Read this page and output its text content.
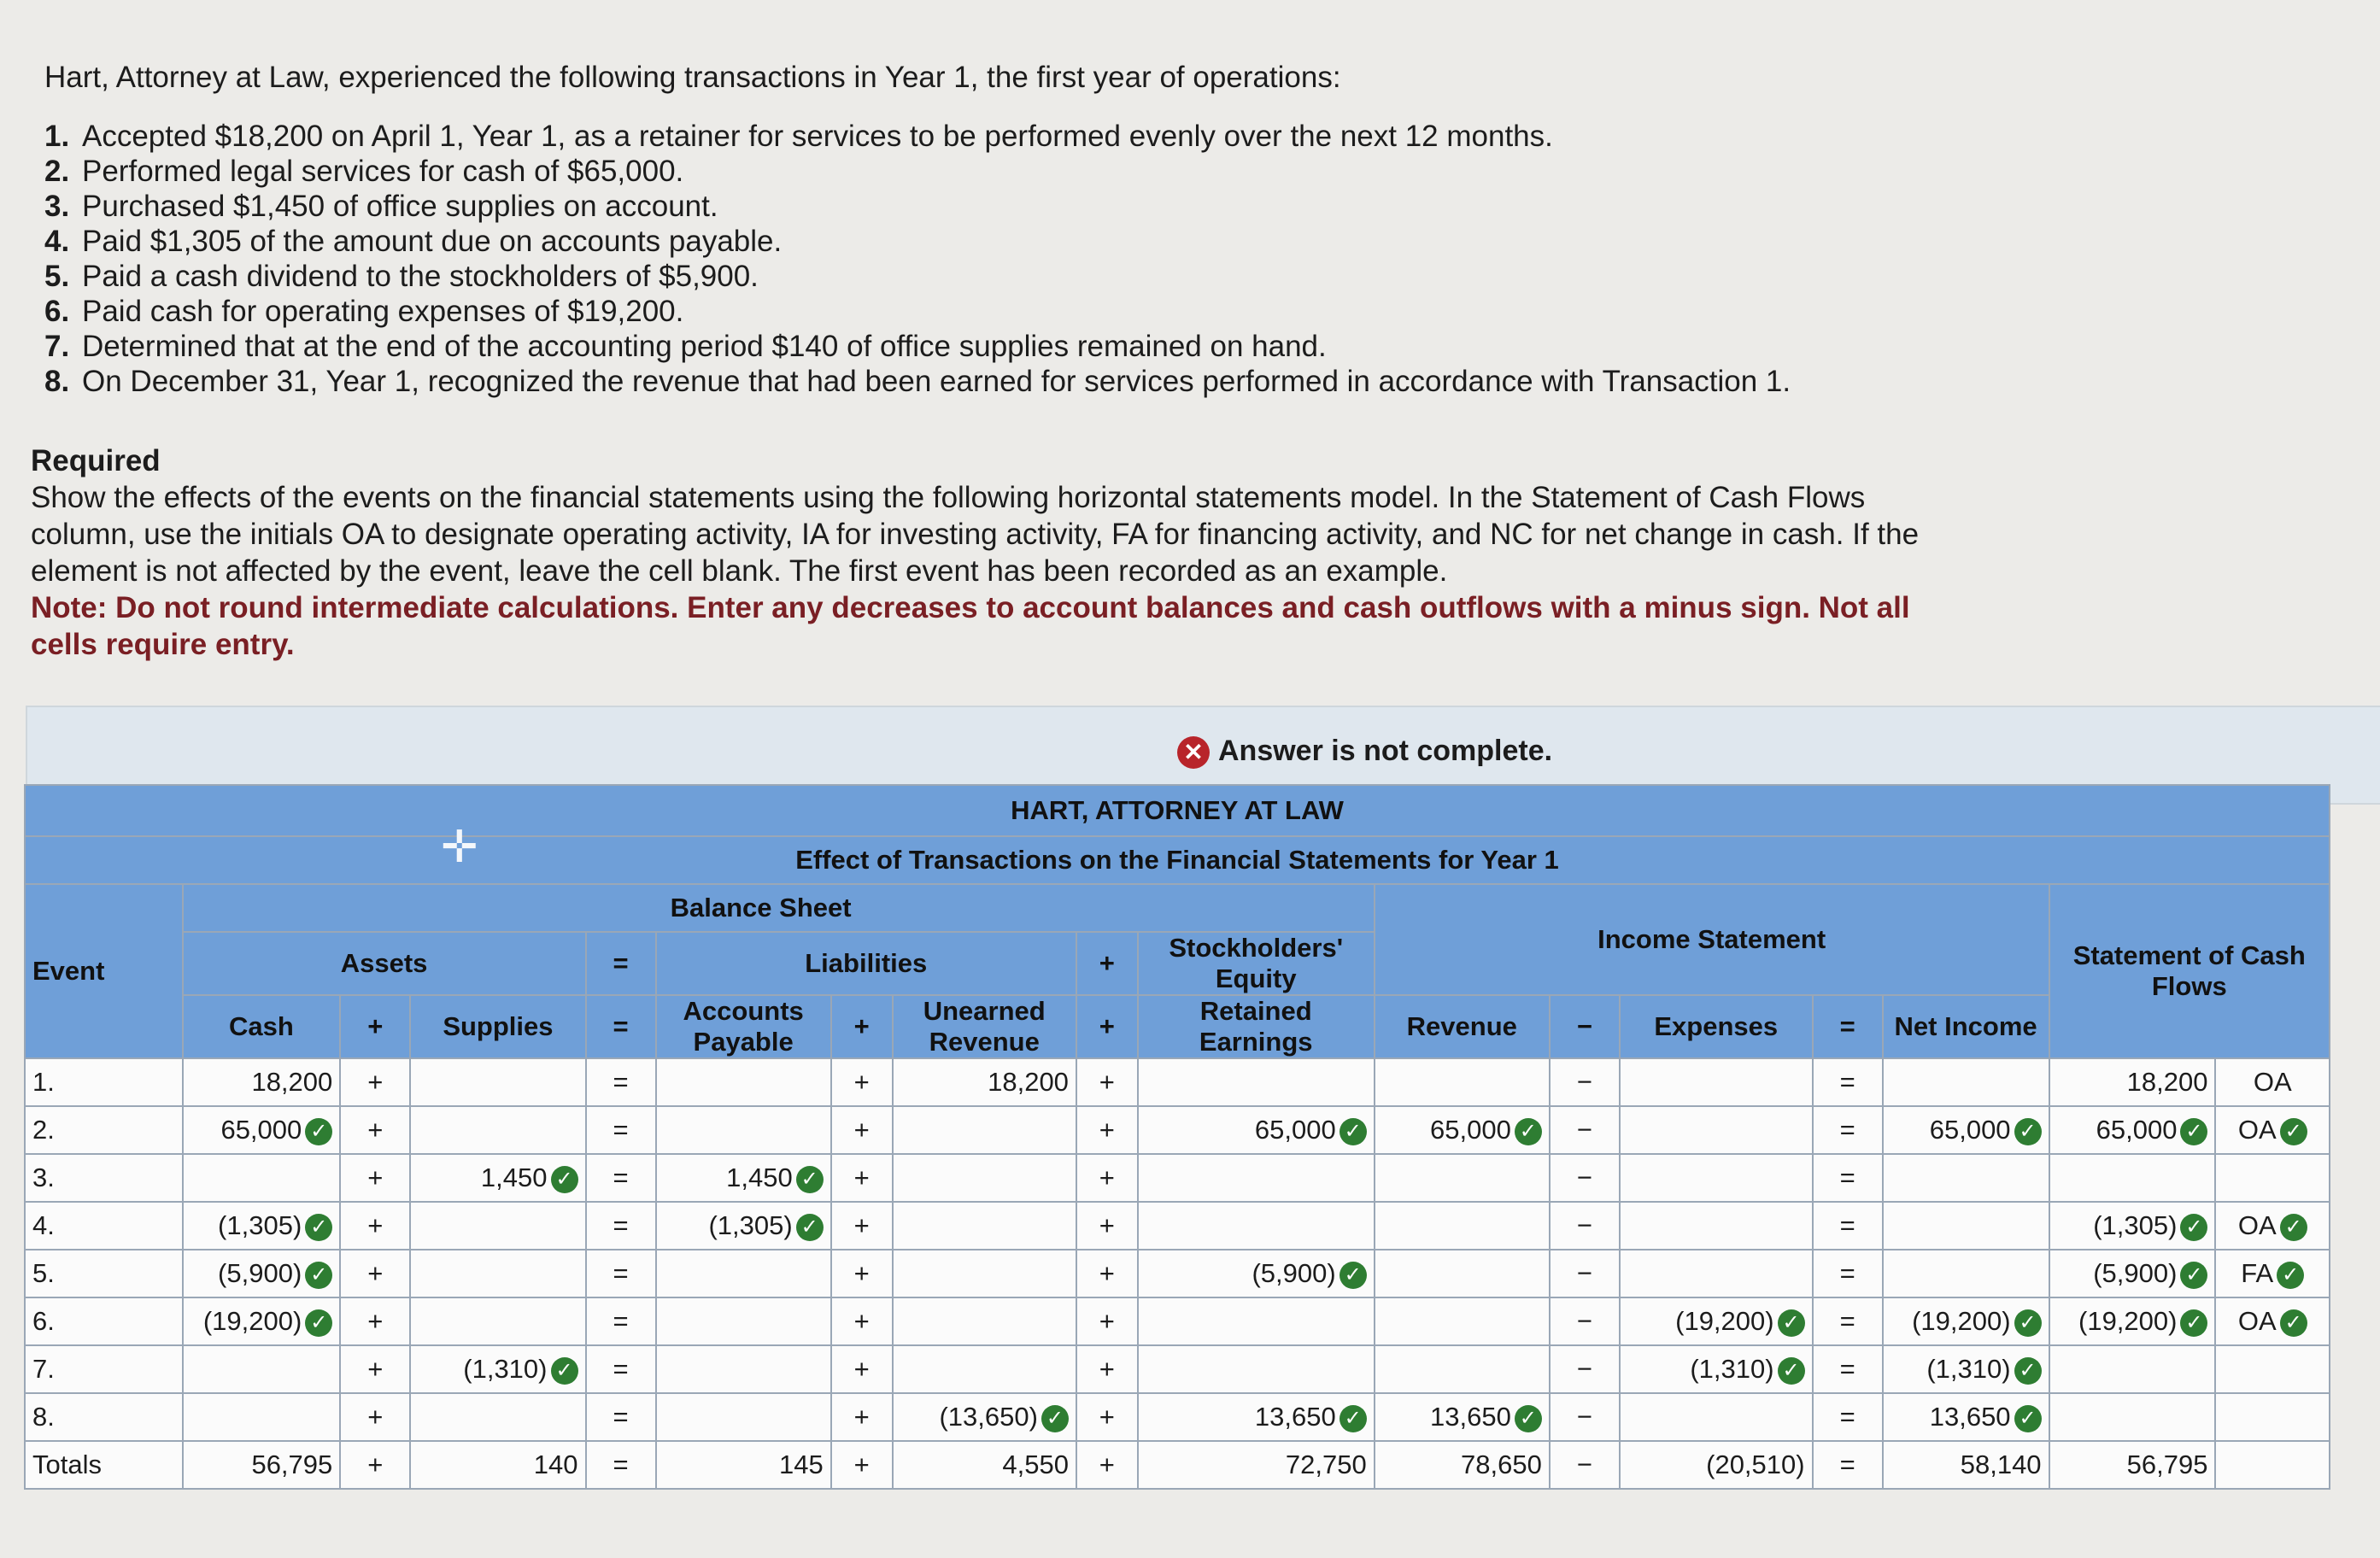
Hart, Attorney at Law, experienced the following transactions in Year 1, the first year of operations:

1. Accepted $18,200 on April 1, Year 1, as a retainer for services to be performed evenly over the next 12 months.
2. Performed legal services for cash of $65,000.
3. Purchased $1,450 of office supplies on account.
4. Paid $1,305 of the amount due on accounts payable.
5. Paid a cash dividend to the stockholders of $5,900.
6. Paid cash for operating expenses of $19,200.
7. Determined that at the end of the accounting period $140 of office supplies remained on hand.
8. On December 31, Year 1, recognized the revenue that had been earned for services performed in accordance with Transaction 1.
Required
Show the effects of the events on the financial statements using the following horizontal statements model. In the Statement of Cash Flows column, use the initials OA to designate operating activity, IA for investing activity, FA for financing activity, and NC for net change in cash. If the element is not affected by the event, leave the cell blank. The first event has been recorded as an example.
Note: Do not round intermediate calculations. Enter any decreases to account balances and cash outflows with a minus sign. Not all cells require entry.
✕ Answer is not complete.
✛
HART, ATTORNEY AT LAW																
Effect of Transactions on the Financial Statements for Year 1																
Event	Balance Sheet									Income Statement					Statement of Cash Flows	
	Assets			=	Liabilities			+	Stockholders' Equity							
	Cash	+	Supplies	=	Accounts Payable	+	Unearned Revenue	+	Retained Earnings	Revenue	−	Expenses	=	Net Income		
1.	18,200	+		=		+	18,200	+			−		=		18,200	OA
2.	65,000 ✓	+		=		+		+	65,000 ✓	65,000 ✓	−		=	65,000 ✓	65,000 ✓	OA ✓
3.		+	1,450 ✓	=	1,450 ✓	+		+			−		=			
4.	(1,305) ✓	+		=	(1,305) ✓	+		+			−		=		(1,305) ✓	OA ✓
5.	(5,900) ✓	+		=		+		+	(5,900) ✓		−		=		(5,900) ✓	FA ✓
6.	(19,200) ✓	+		=		+		+			−	(19,200) ✓	=	(19,200) ✓	(19,200) ✓	OA ✓
7.		+	(1,310) ✓	=		+		+			−	(1,310) ✓	=	(1,310) ✓		
8.		+		=		+	(13,650) ✓	+	13,650 ✓	13,650 ✓	−		=	13,650 ✓		
Totals	56,795	+	140	=	145	+	4,550	+	72,750	78,650	−	(20,510)	=	58,140	56,795	
